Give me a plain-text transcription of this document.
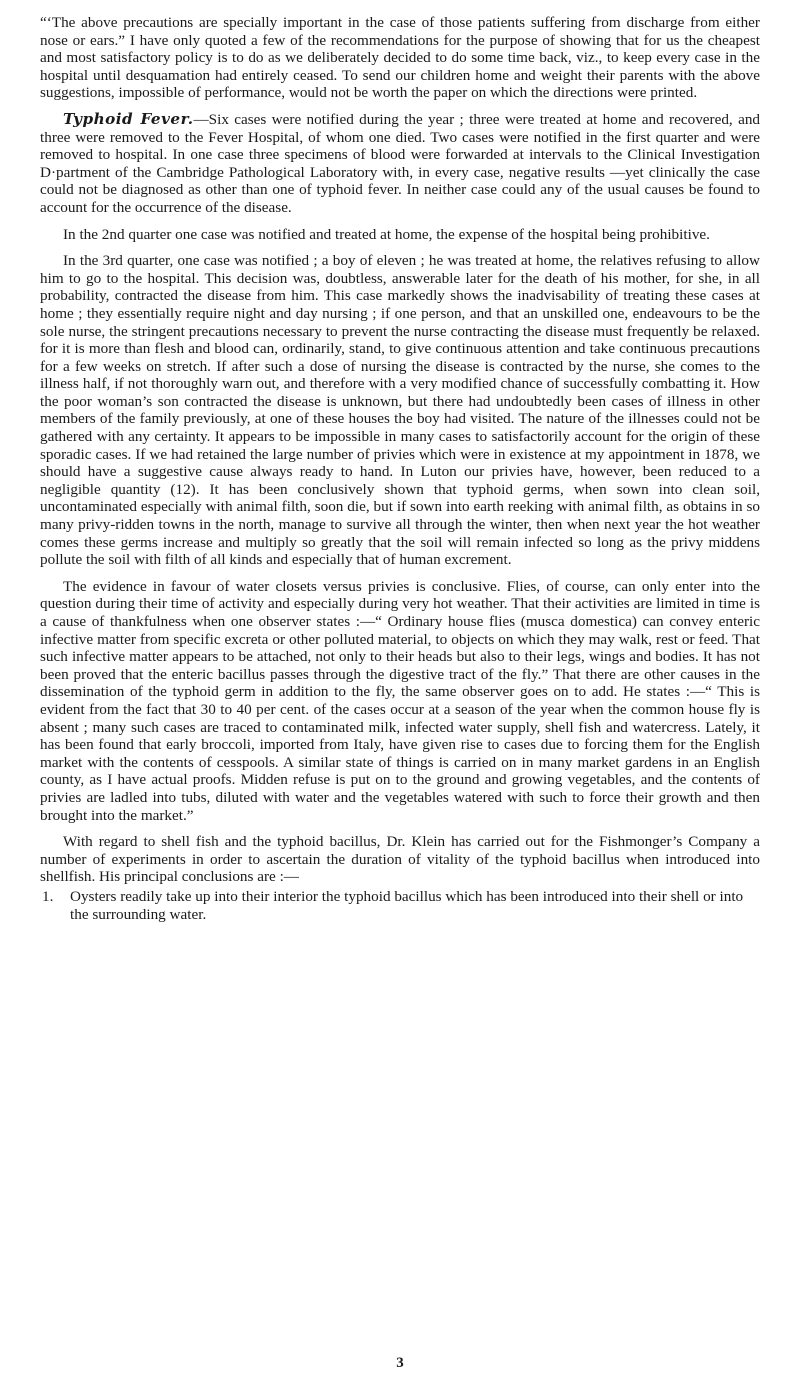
“‘The above precautions are specially important in the case of those patients suffering from discharge from either nose or ears.” I have only quoted a few of the recommendations for the purpose of showing that for us the cheapest and most satisfactory policy is to do as we deliberately decided to do some time back, viz., to keep every case in the hospital until desquamation had entirely ceased. To send our children home and weight their parents with the above suggestions, impossible of performance, would not be worth the paper on which the directions were printed.

Typhoid Fever.—Six cases were notified during the year ; three were treated at home and recovered, and three were removed to the Fever Hospital, of whom one died. Two cases were notified in the first quarter and were removed to hospital. In one case three specimens of blood were forwarded at intervals to the Clinical Investigation D·partment of the Cambridge Pathological Laboratory with, in every case, negative results —yet clinically the case could not be diagnosed as other than one of typhoid fever. In neither case could any of the usual causes be found to account for the occurrence of the disease.

In the 2nd quarter one case was notified and treated at home, the expense of the hospital being prohibitive.

In the 3rd quarter, one case was notified ; a boy of eleven ; he was treated at home, the relatives refusing to allow him to go to the hospital. This decision was, doubtless, answerable later for the death of his mother, for she, in all probability, contracted the disease from him. This case markedly shows the inadvisability of treating these cases at home ; they essentially require night and day nursing ; if one person, and that an unskilled one, endeavours to be the sole nurse, the stringent precautions necessary to prevent the nurse contracting the disease must frequently be relaxed. for it is more than flesh and blood can, ordinarily, stand, to give continuous attention and take continuous precautions for a few weeks on stretch. If after such a dose of nursing the disease is contracted by the nurse, she comes to the illness half, if not thoroughly warn out, and therefore with a very modified chance of successfully combatting it. How the poor woman’s son contracted the disease is unknown, but there had undoubtedly been cases of illness in other members of the family previously, at one of these houses the boy had visited. The nature of the illnesses could not be gathered with any certainty. It appears to be impossible in many cases to satisfactorily account for the origin of these sporadic cases. If we had retained the large number of privies which were in existence at my appointment in 1878, we should have a suggestive cause always ready to hand. In Luton our privies have, however, been reduced to a negligible quantity (12). It has been conclusively shown that typhoid germs, when sown into clean soil, uncontaminated especially with animal filth, soon die, but if sown into earth reeking with animal filth, as obtains in so many privy-ridden towns in the north, manage to survive all through the winter, then when next year the hot weather comes these germs increase and multiply so greatly that the soil will remain infected so long as the privy middens pollute the soil with filth of all kinds and especially that of human excrement.

The evidence in favour of water closets versus privies is conclusive. Flies, of course, can only enter into the question during their time of activity and especially during very hot weather. That their activities are limited in time is a cause of thankfulness when one observer states :—“ Ordinary house flies (musca domestica) can convey enteric infective matter from specific excreta or other polluted material, to objects on which they may walk, rest or feed. That such infective matter appears to be attached, not only to their heads but also to their legs, wings and bodies. It has not been proved that the enteric bacillus passes through the digestive tract of the fly.” That there are other causes in the dissemination of the typhoid germ in addition to the fly, the same observer goes on to add. He states :—“ This is evident from the fact that 30 to 40 per cent. of the cases occur at a season of the year when the common house fly is absent ; many such cases are traced to contaminated milk, infected water supply, shell fish and watercress. Lately, it has been found that early broccoli, imported from Italy, have given rise to cases due to forcing them for the English market with the contents of cesspools. A similar state of things is carried on in many market gardens in an English county, as I have actual proofs. Midden refuse is put on to the ground and growing vegetables, and the contents of privies are ladled into tubs, diluted with water and the vegetables watered with such to force their growth and then brought into the market.”

With regard to shell fish and the typhoid bacillus, Dr. Klein has carried out for the Fishmonger’s Company a number of experiments in order to ascertain the duration of vitality of the typhoid bacillus when introduced into shellfish. His principal conclusions are :—

1.	Oysters readily take up into their interior the typhoid bacillus which has been introduced into their shell or into the surrounding water.
3
